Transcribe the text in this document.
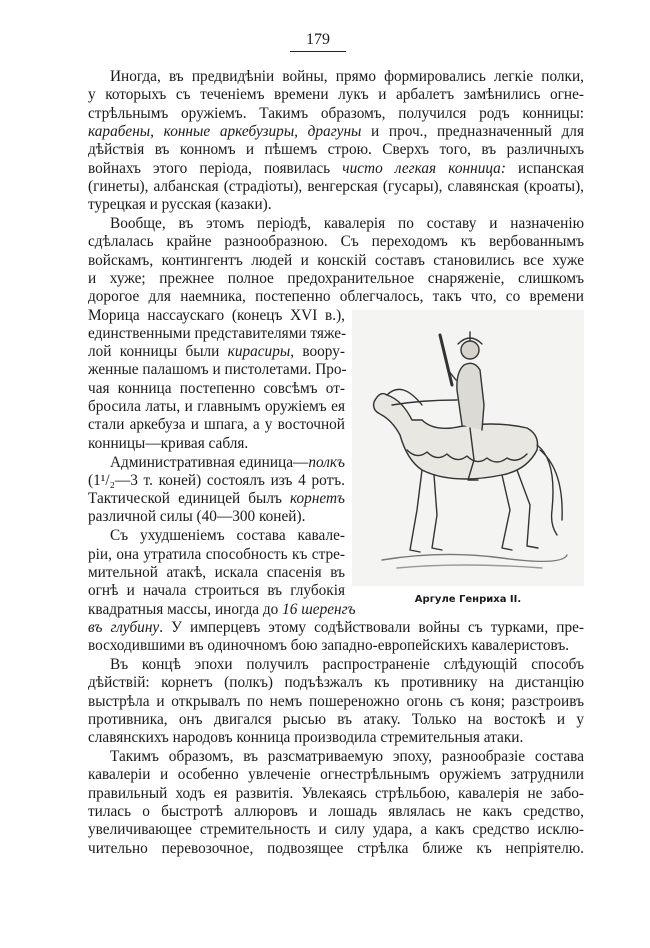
179
Иногда, въ предвидѣніи войны, прямо формировались легкіе полки,
у которыхъ съ теченіемъ времени лукъ и арбалетъ замѣнились огне-
стрѣльнымъ оружіемъ. Такимъ образомъ, получился родъ конницы:
карабены, конные аркебузиры, драгуны и проч., предназначенный для
дѣйствія въ конномъ и пѣшемъ строю. Сверхъ того, въ различныхъ
войнахъ этого періода, появилась чисто легкая конница: испанская
(гинеты), албанская (страдіоты), венгерская (гусары), славянская (кроаты),
турецкая и русская (казаки).
Вообще, въ этомъ періодѣ, кавалерія по составу и назначенію
сдѣлалась крайне разнообразною. Съ переходомъ къ вербованнымъ
войскамъ, контингентъ людей и конскій составъ становились все хуже
и хуже; прежнее полное предохранительное снаряженіе, слишкомъ
дорогое для наемника, постепенно облегчалось, такъ что, со времени
Морица нассаускаго (конецъ XVI в.),
единственными представителями тяже-
лой конницы были кирасиры, воору-
женные палашомъ и пистолетами. Про-
чая конница постепенно совсѣмъ от-
бросила латы, и главнымъ оружіемъ ея
стали аркебуза и шпага, а у восточной
конницы—кривая сабля.
Административная единица—полкъ
(1¹/₂—3 т. коней) состоялъ изъ 4 ротъ.
Тактической единицей былъ корнетъ
различной силы (40—300 коней).
Съ ухудшеніемъ состава кавале-
ріи, она утратила способность къ стре-
мительной атакѣ, искала спасенія въ
огнѣ и начала строиться въ глубокія
квадратныя массы, иногда до 16 шеренгъ
въ глубину. У имперцевъ этому содѣйствовали войны съ турками, пре-
восходившими въ одиночномъ бою западно-европейскихъ кавалеристовъ.
Въ концѣ эпохи получилъ распространеніе слѣдующій способъ
дѣйствій: корнетъ (полкъ) подъѣзжалъ къ противнику на дистанцію
выстрѣла и открывалъ по немъ пошереножно огонь съ коня; разстроивъ
противника, онъ двигался рысью въ атаку. Только на востокѣ и у
славянскихъ народовъ конница производила стремительныя атаки.
Такимъ образомъ, въ разсматриваемую эпоху, разнообразіе состава
кавалеріи и особенно увлеченіе огнестрѣльнымъ оружіемъ затруднили
правильный ходъ ея развитія. Увлекаясь стрѣльбою, кавалерія не забо-
тилась о быстротѣ аллюровъ и лошадь являлась не какъ средство,
увеличивающее стремительность и силу удара, а какъ средство исклю-
чительно перевозочное, подвозящее стрѣлка ближе къ непріятелю.
Аргуле Генриха II.
